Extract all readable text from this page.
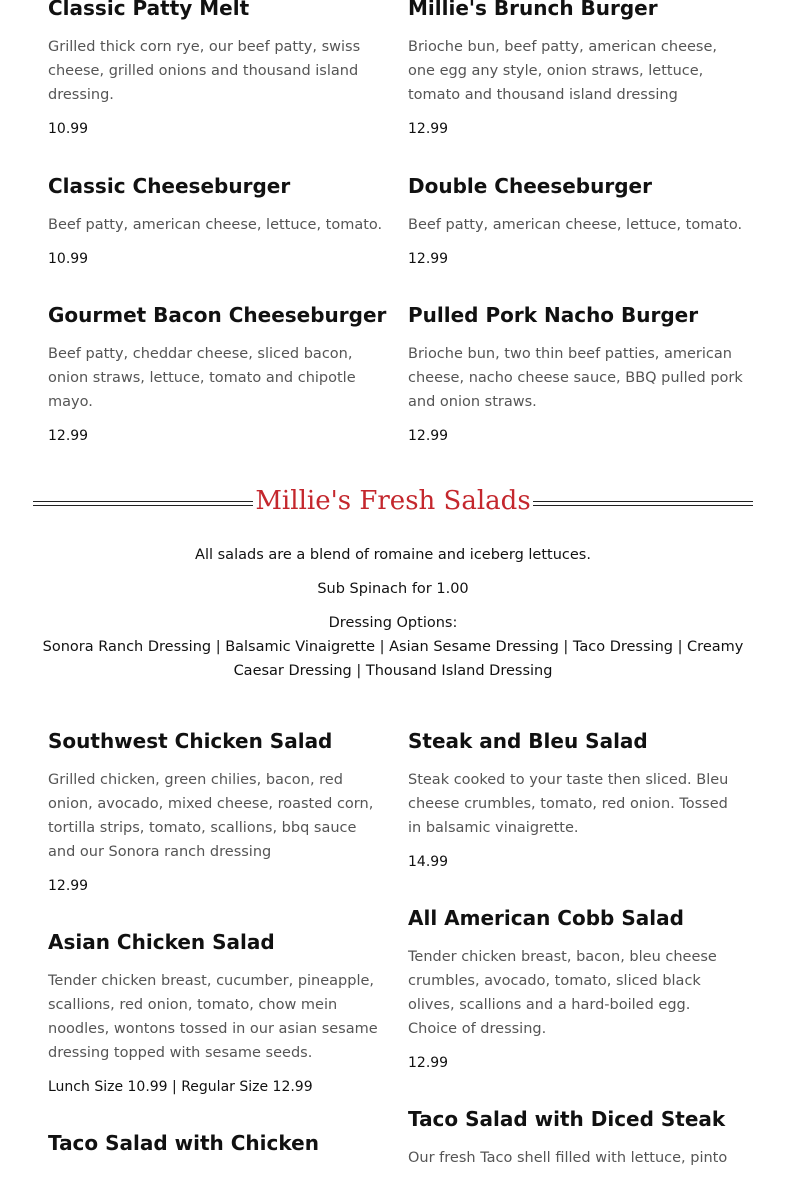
Classic Patty Melt
Grilled thick corn rye, our beef patty, swiss cheese, grilled onions and thousand island dressing.
10.99
Millie's Brunch Burger
Brioche bun, beef patty, american cheese, one egg any style, onion straws, lettuce, tomato and thousand island dressing
12.99
Classic Cheeseburger
Beef patty, american cheese, lettuce, tomato.
10.99
Double Cheeseburger
Beef patty, american cheese, lettuce, tomato.
12.99
Gourmet Bacon Cheeseburger
Beef patty, cheddar cheese, sliced bacon, onion straws, lettuce, tomato and chipotle mayo.
12.99
Pulled Pork Nacho Burger
Brioche bun, two thin beef patties, american cheese, nacho cheese sauce, BBQ pulled pork and onion straws.
12.99
Millie's Fresh Salads
All salads are a blend of romaine and iceberg lettuces.
Sub Spinach for 1.00
Dressing Options:
Sonora Ranch Dressing | Balsamic Vinaigrette | Asian Sesame Dressing | Taco Dressing | Creamy Caesar Dressing | Thousand Island Dressing
Southwest Chicken Salad
Grilled chicken, green chilies, bacon, red onion, avocado, mixed cheese, roasted corn, tortilla strips, tomato, scallions, bbq sauce and our Sonora ranch dressing
12.99
Steak and Bleu Salad
Steak cooked to your taste then sliced. Bleu cheese crumbles, tomato, red onion. Tossed in balsamic vinaigrette.
14.99
Asian Chicken Salad
Tender chicken breast, cucumber, pineapple, scallions, red onion, tomato, chow mein noodles, wontons tossed in our asian sesame dressing topped with sesame seeds.
Lunch Size 10.99 | Regular Size 12.99
All American Cobb Salad
Tender chicken breast, bacon, bleu cheese crumbles, avocado, tomato, sliced black olives, scallions and a hard-boiled egg. Choice of dressing.
12.99
Taco Salad with Chicken
Taco Salad with Diced Steak
Our fresh Taco shell filled with lettuce, pinto
